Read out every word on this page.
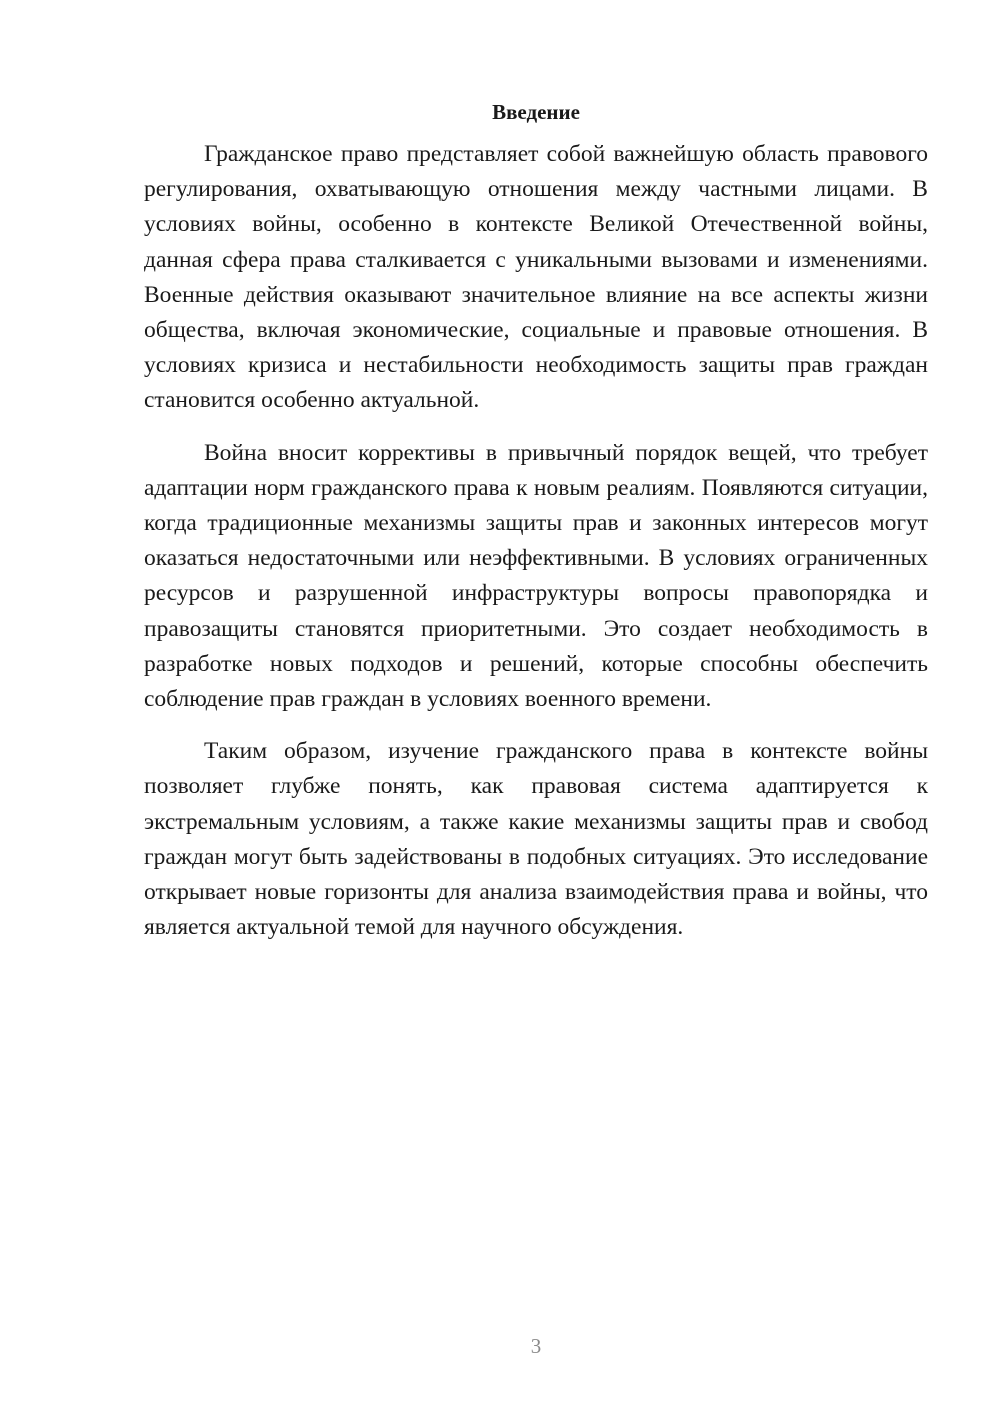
Введение

Гражданское право представляет собой важнейшую область правового регулирования, охватывающую отношения между частными лицами. В условиях войны, особенно в контексте Великой Отечественной войны, данная сфера права сталкивается с уникальными вызовами и изменениями. Военные действия оказывают значительное влияние на все аспекты жизни общества, включая экономические, социальные и правовые отношения. В условиях кризиса и нестабильности необходимость защиты прав граждан становится особенно актуальной.

Война вносит коррективы в привычный порядок вещей, что требует адаптации норм гражданского права к новым реалиям. Появляются ситуации, когда традиционные механизмы защиты прав и законных интересов могут оказаться недостаточными или неэффективными. В условиях ограниченных ресурсов и разрушенной инфраструктуры вопросы правопорядка и правозащиты становятся приоритетными. Это создает необходимость в разработке новых подходов и решений, которые способны обеспечить соблюдение прав граждан в условиях военного времени.

Таким образом, изучение гражданского права в контексте войны позволяет глубже понять, как правовая система адаптируется к экстремальным условиям, а также какие механизмы защиты прав и свобод граждан могут быть задействованы в подобных ситуациях. Это исследование открывает новые горизонты для анализа взаимодействия права и войны, что является актуальной темой для научного обсуждения.

3
